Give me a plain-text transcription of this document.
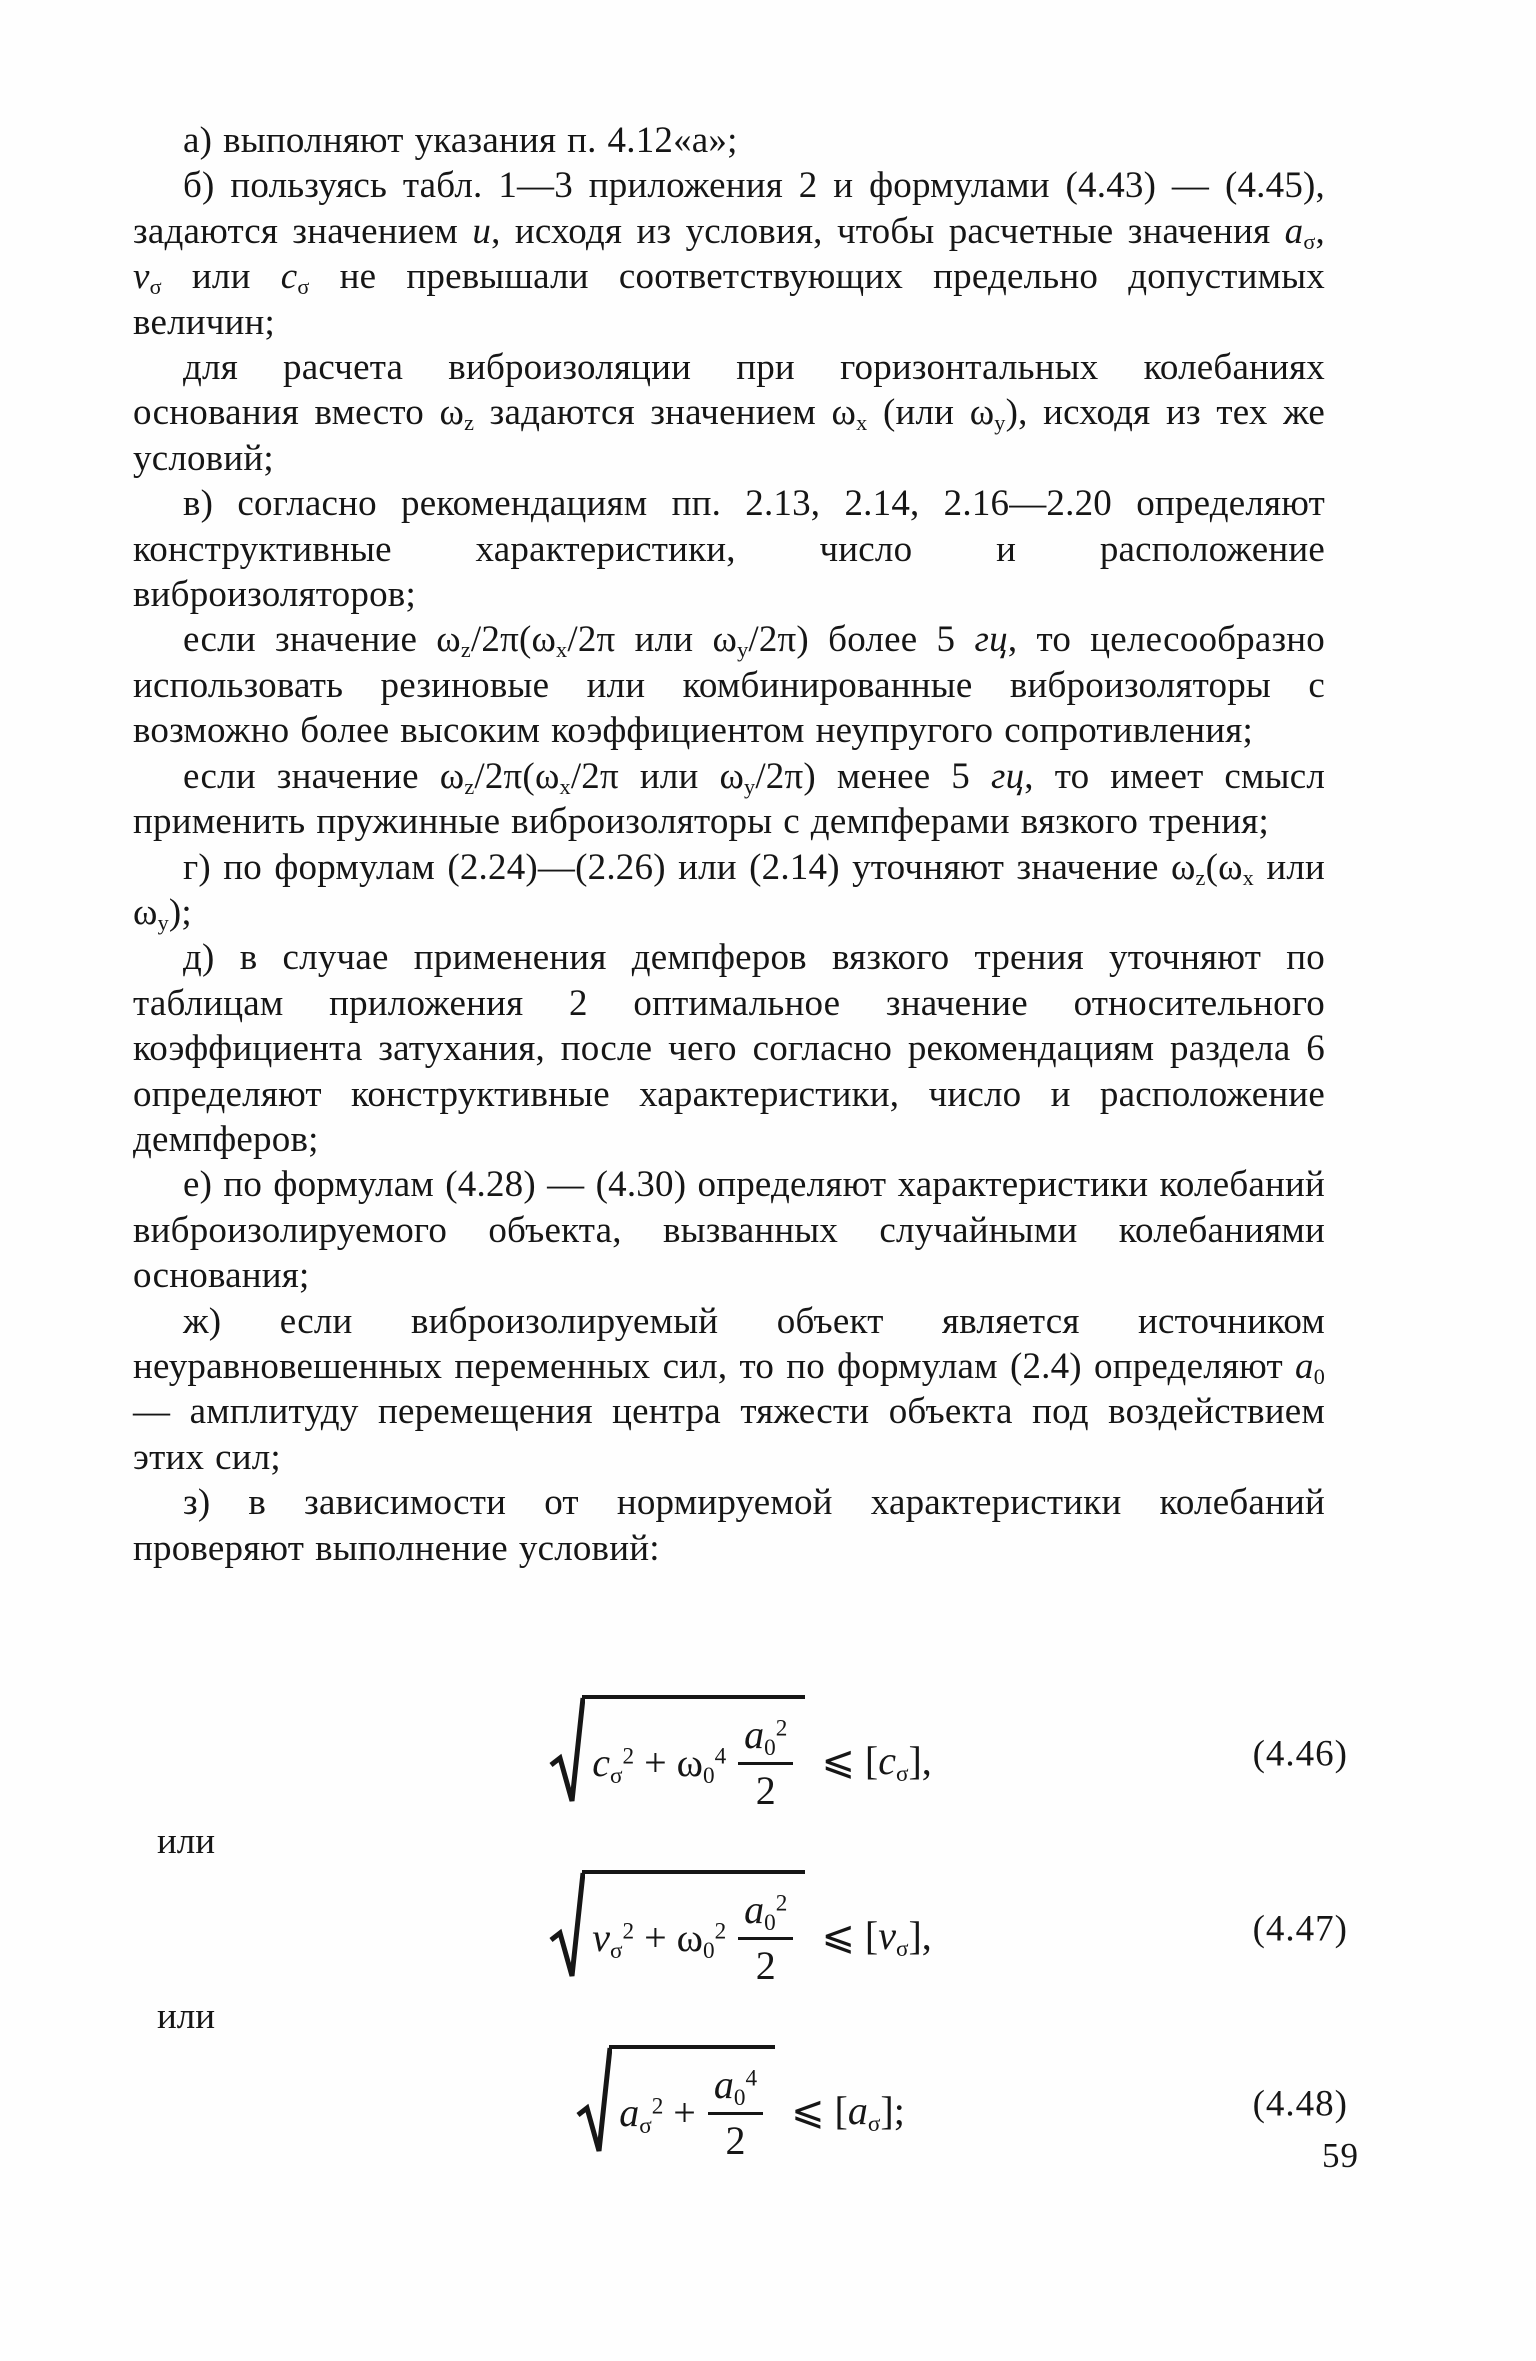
а) выполняют указания п. 4.12«а»;

б) пользуясь табл. 1—3 приложения 2 и формулами (4.43) — (4.45), задаются значением u, исходя из условия, чтобы расчетные значения $a_\sigma$, $v_\sigma$ или $c_\sigma$ не превышали соответствующих предельно допустимых величин;

для расчета виброизоляции при горизонтальных колебаниях основания вместо $\omega_z$ задаются значением $\omega_x$ (или $\omega_y$), исходя из тех же условий;

в) согласно рекомендациям пп. 2.13, 2.14, 2.16—2.20 определяют конструктивные характеристики, число и расположение виброизоляторов;

если значение $\omega_z/2\pi(\omega_x/2\pi$ или $\omega_y/2\pi$) более 5 гц, то целесообразно использовать резиновые или комбинированные виброизоляторы с возможно более высоким коэффициентом неупругого сопротивления;

если значение $\omega_z/2\pi(\omega_x/2\pi$ или $\omega_y/2\pi$) менее 5 гц, то имеет смысл применить пружинные виброизоляторы с демпферами вязкого трения;

г) по формулам (2.24)—(2.26) или (2.14) уточняют значение $\omega_z(\omega_x$ или $\omega_y$);

д) в случае применения демпферов вязкого трения уточняют по таблицам приложения 2 оптимальное значение относительного коэффициента затухания, после чего согласно рекомендациям раздела 6 определяют конструктивные характеристики, число и расположение демпферов;

е) по формулам (4.28) — (4.30) определяют характеристики колебаний виброизолируемого объекта, вызванных случайными колебаниями основания;

ж) если виброизолируемый объект является источником неуравновешенных переменных сил, то по формулам (2.4) определяют $a_0$ — амплитуду перемещения центра тяжести объекта под воздействием этих сил;

з) в зависимости от нормируемой характеристики колебаний проверяют выполнение условий:

$c_\sigma^2 + \omega_0^4 \frac{a_0^2}{2}$ ⩽ $[c_\sigma]$,	(4.46)
или
$v_\sigma^2 + \omega_0^2 \frac{a_0^2}{2}$ ⩽ $[v_\sigma]$,	(4.47)
или
$a_\sigma^2 + \frac{a_0^4}{2}$ ⩽ $[a_\sigma]$;	(4.48)
59
